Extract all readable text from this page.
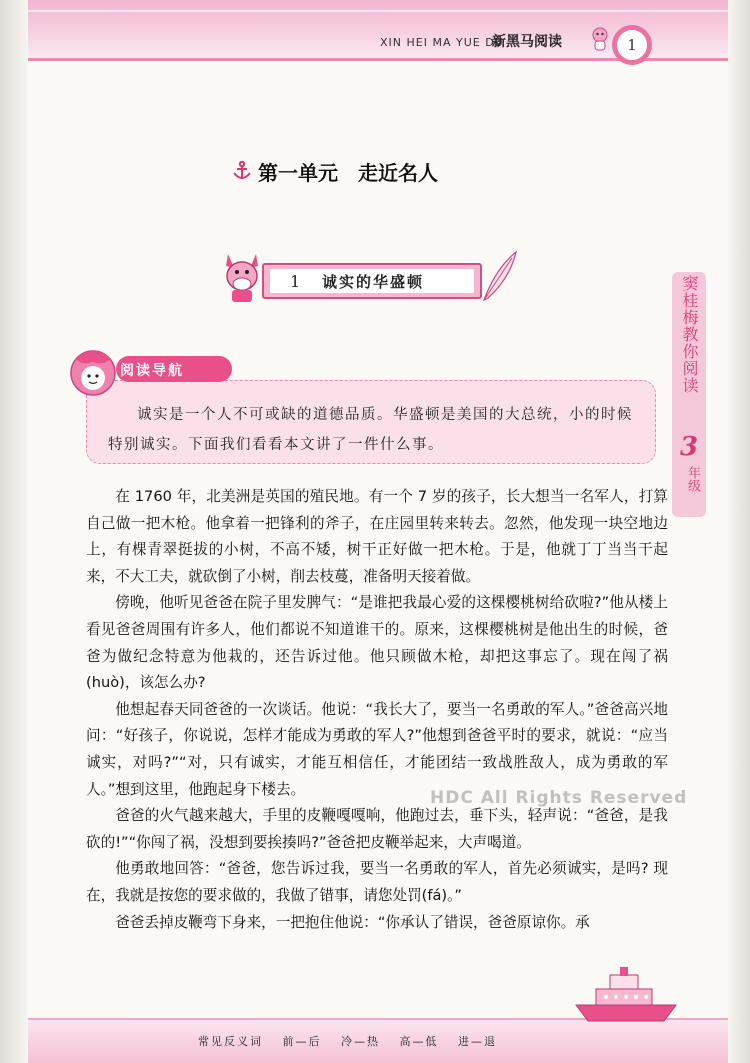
XIN HEI MA YUE DU
新黑马阅读	1
窦桂梅教你阅读
3
年级
第一单元　走近名人
1 诚实的华盛顿
阅读导航

诚实是一个人不可或缺的道德品质。华盛顿是美国的大总统，小的时候特别诚实。下面我们看看本文讲了一件什么事。

在 1760 年，北美洲是英国的殖民地。有一个 7 岁的孩子，长大想当一名军人，打算自己做一把木枪。他拿着一把锋利的斧子，在庄园里转来转去。忽然，他发现一块空地边上，有棵青翠挺拔的小树，不高不矮，树干正好做一把木枪。于是，他就丁丁当当干起来，不大工夫，就砍倒了小树，削去枝蔓，准备明天接着做。

傍晚，他听见爸爸在院子里发脾气：“是谁把我最心爱的这棵樱桃树给砍啦?”他从楼上看见爸爸周围有许多人，他们都说不知道谁干的。原来，这棵樱桃树是他出生的时候，爸爸为做纪念特意为他栽的，还告诉过他。他只顾做木枪，却把这事忘了。现在闯了祸(huò)，该怎么办?

他想起春天同爸爸的一次谈话。他说：“我长大了，要当一名勇敢的军人。”爸爸高兴地问：“好孩子，你说说，怎样才能成为勇敢的军人?”他想到爸爸平时的要求，就说：“应当诚实，对吗?”“对，只有诚实，才能互相信任，才能团结一致战胜敌人，成为勇敢的军人。”想到这里，他跑起身下楼去。

爸爸的火气越来越大，手里的皮鞭嘎嘎响，他跑过去，垂下头，轻声说：“爸爸，是我砍的!”“你闯了祸，没想到要挨揍吗?”爸爸把皮鞭举起来，大声喝道。

他勇敢地回答：“爸爸，您告诉过我，要当一名勇敢的军人，首先必须诚实，是吗? 现在，我就是按您的要求做的，我做了错事，请您处罚(fá)。”

爸爸丢掉皮鞭弯下身来，一把抱住他说：“你承认了错误，爸爸原谅你。承

HDC All Rights Reserved
常见反义词 前—后 冷—热 高—低 进—退
